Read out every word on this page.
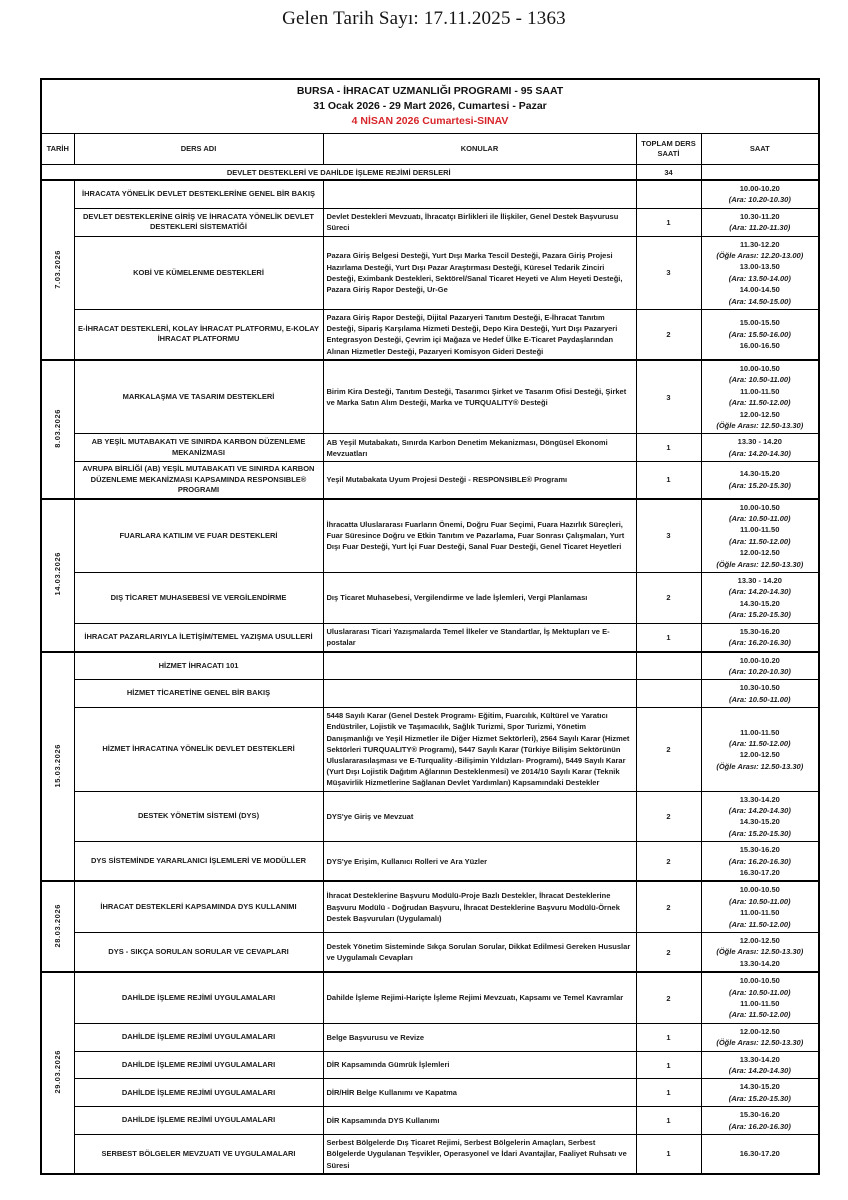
Gelen Tarih Sayı: 17.11.2025 - 1363
BURSA - İHRACAT UZMANLIĞI PROGRAMI - 95 SAAT
31 Ocak 2026 - 29 Mart 2026, Cumartesi - Pazar
4 NİSAN 2026 Cumartesi-SINAV				

TARİH	DERS ADI	KONULAR	TOPLAM DERS SAATİ	SAAT
DEVLET DESTEKLERİ VE DAHİLDE İŞLEME REJİMİ DERSLERİ			34	
7.03.2026	İHRACATA YÖNELİK DEVLET DESTEKLERİNE GENEL BİR BAKIŞ			10.00-10.20
(Ara: 10.20-10.30)

	DEVLET DESTEKLERİNE GİRİŞ VE İHRACATA YÖNELİK DEVLET DESTEKLERİ SİSTEMATİĞİ	Devlet Destekleri Mevzuatı, İhracatçı Birlikleri ile İlişkiler, Genel Destek Başvurusu Süreci	1	10.30-11.20
(Ara: 11.20-11.30)

KOBİ VE KÜMELENME DESTEKLERİ	Pazara Giriş Belgesi Desteği, Yurt Dışı Marka Tescil Desteği, Pazara Giriş Projesi Hazırlama Desteği, Yurt Dışı Pazar Araştırması Desteği, Küresel Tedarik Zinciri Desteği, Eximbank Destekleri, Sektörel/Sanal Ticaret Heyeti ve Alım Heyeti Desteği, Pazara Giriş Rapor Desteği, Ur-Ge	3	
11.30-12.20
(Öğle Arası: 12.20-13.00)
13.00-13.50
(Ara: 13.50-14.00)
14.00-14.50
(Ara: 14.50-15.00)

E-İHRACAT DESTEKLERİ, KOLAY İHRACAT PLATFORMU, E-KOLAY İHRACAT PLATFORMU	Pazara Giriş Rapor Desteği, Dijital Pazaryeri Tanıtım Desteği, E-İhracat Tanıtım Desteği, Sipariş Karşılama Hizmeti Desteği, Depo Kira Desteği, Yurt Dışı Pazaryeri Entegrasyon Desteği, Çevrim içi Mağaza ve Hedef Ülke E-Ticaret Paydaşlarından Alınan Hizmetler Desteği, Pazaryeri Komisyon Gideri Desteği	2	
15.00-15.50
(Ara: 15.50-16.00)
16.00-16.50

8.03.2026	MARKALAŞMA VE TASARIM DESTEKLERİ	Birim Kira Desteği, Tanıtım Desteği, Tasarımcı Şirket ve Tasarım Ofisi Desteği, Şirket ve Marka Satın Alım Desteği, Marka ve TURQUALITY® Desteği	3	
10.00-10.50
(Ara: 10.50-11.00)
11.00-11.50
(Ara: 11.50-12.00)
12.00-12.50
(Öğle Arası: 12.50-13.30)

	AB YEŞİL MUTABAKATI VE SINIRDA KARBON DÜZENLEME MEKANİZMASI	AB Yeşil Mutabakatı, Sınırda Karbon Denetim Mekanizması, Döngüsel Ekonomi Mevzuatları	1	13.30 - 14.20
(Ara: 14.20-14.30)

	AVRUPA BİRLİĞİ (AB) YEŞİL MUTABAKATI VE SINIRDA KARBON DÜZENLEME MEKANİZMASI KAPSAMINDA RESPONSIBLE® PROGRAMI	Yeşil Mutabakata Uyum Projesi Desteği - RESPONSIBLE® Programı	1	14.30-15.20
(Ara: 15.20-15.30)

14.03.2026	FUARLARA KATILIM VE FUAR DESTEKLERİ	İhracatta Uluslararası Fuarların Önemi, Doğru Fuar Seçimi, Fuara Hazırlık Süreçleri, Fuar Süresince Doğru ve Etkin Tanıtım ve Pazarlama, Fuar Sonrası Çalışmaları, Yurt Dışı Fuar Desteği, Yurt İçi Fuar Desteği, Sanal Fuar Desteği, Genel Ticaret Heyetleri	3	
10.00-10.50
(Ara: 10.50-11.00)
11.00-11.50
(Ara: 11.50-12.00)
12.00-12.50
(Öğle Arası: 12.50-13.30)

	DIŞ TİCARET MUHASEBESİ VE VERGİLENDİRME	Dış Ticaret Muhasebesi, Vergilendirme ve İade İşlemleri, Vergi Planlaması	2	13.30 - 14.20
(Ara: 14.20-14.30)
14.30-15.20
(Ara: 15.20-15.30)

	İHRACAT PAZARLARIYLA İLETİŞİM/TEMEL YAZIŞMA USULLERİ	Uluslararası Ticari Yazışmalarda Temel İlkeler ve Standartlar, İş Mektupları ve E-postalar	1	15.30-16.20
(Ara: 16.20-16.30)

15.03.2026	HİZMET İHRACATI 101			10.00-10.20
(Ara: 10.20-10.30)

	HİZMET TİCARETİNE GENEL BİR BAKIŞ			10.30-10.50
(Ara: 10.50-11.00)

HİZMET İHRACATINA YÖNELİK DEVLET DESTEKLERİ	5448 Sayılı Karar (Genel Destek Programı- Eğitim, Fuarcılık, Kültürel ve Yaratıcı Endüstriler, Lojistik ve Taşımacılık, Sağlık Turizmi, Spor Turizmi, Yönetim Danışmanlığı ve Yeşil Hizmetler ile Diğer Hizmet Sektörleri), 2564 Sayılı Karar (Hizmet Sektörleri TURQUALITY® Programı), 5447 Sayılı Karar (Türkiye Bilişim Sektörünün Uluslararasılaşması ve E-Turquality -Bilişimin Yıldızları- Programı), 5449 Sayılı Karar (Yurt Dışı Lojistik Dağıtım Ağlarının Desteklenmesi) ve 2014/10 Sayılı Karar (Teknik Müşavirlik Hizmetlerine Sağlanan Devlet Yardımları) Kapsamındaki Destekler	2	
11.00-11.50
(Ara: 11.50-12.00)
12.00-12.50
(Öğle Arası: 12.50-13.30)

	DESTEK YÖNETİM SİSTEMİ (DYS)	DYS'ye Giriş ve Mevzuat	2	13.30-14.20
(Ara: 14.20-14.30)
14.30-15.20
(Ara: 15.20-15.30)

	DYS SİSTEMİNDE YARARLANICI İŞLEMLERİ VE MODÜLLER	DYS'ye Erişim, Kullanıcı Rolleri ve Ara Yüzler	2	15.30-16.20
(Ara: 16.20-16.30)
16.30-17.20

28.03.2026	İHRACAT DESTEKLERİ KAPSAMINDA DYS KULLANIMI	İhracat Desteklerine Başvuru Modülü-Proje Bazlı Destekler, İhracat Desteklerine Başvuru Modülü - Doğrudan Başvuru, İhracat Desteklerine Başvuru Modülü-Örnek Destek Başvuruları (Uygulamalı)	2	10.00-10.50
(Ara: 10.50-11.00)
11.00-11.50
(Ara: 11.50-12.00)

	DYS - SIKÇA SORULAN SORULAR VE CEVAPLARI	Destek Yönetim Sisteminde Sıkça Sorulan Sorular, Dikkat Edilmesi Gereken Hususlar ve Uygulamalı Cevapları	2	12.00-12.50
(Öğle Arası: 12.50-13.30)
13.30-14.20

29.03.2026	DAHİLDE İŞLEME REJİMİ UYGULAMALARI	Dahilde İşleme Rejimi-Hariçte İşleme Rejimi Mevzuatı, Kapsamı ve Temel Kavramlar	2	10.00-10.50
(Ara: 10.50-11.00)
11.00-11.50
(Ara: 11.50-12.00)

	DAHİLDE İŞLEME REJİMİ UYGULAMALARI	Belge Başvurusu ve Revize	1	12.00-12.50
(Öğle Arası: 12.50-13.30)

	DAHİLDE İŞLEME REJİMİ UYGULAMALARI	DİR Kapsamında Gümrük İşlemleri	1	13.30-14.20
(Ara: 14.20-14.30)

	DAHİLDE İŞLEME REJİMİ UYGULAMALARI	DİR/HİR Belge Kullanımı ve Kapatma	1	14.30-15.20
(Ara: 15.20-15.30)

	DAHİLDE İŞLEME REJİMİ UYGULAMALARI	DİR Kapsamında DYS Kullanımı	1	15.30-16.20
(Ara: 16.20-16.30)

	SERBEST BÖLGELER MEVZUATI VE UYGULAMALARI	Serbest Bölgelerde Dış Ticaret Rejimi, Serbest Bölgelerin Amaçları, Serbest Bölgelerde Uygulanan Teşvikler, Operasyonel ve İdari Avantajlar, Faaliyet Ruhsatı ve Süresi	1	16.30-17.20
